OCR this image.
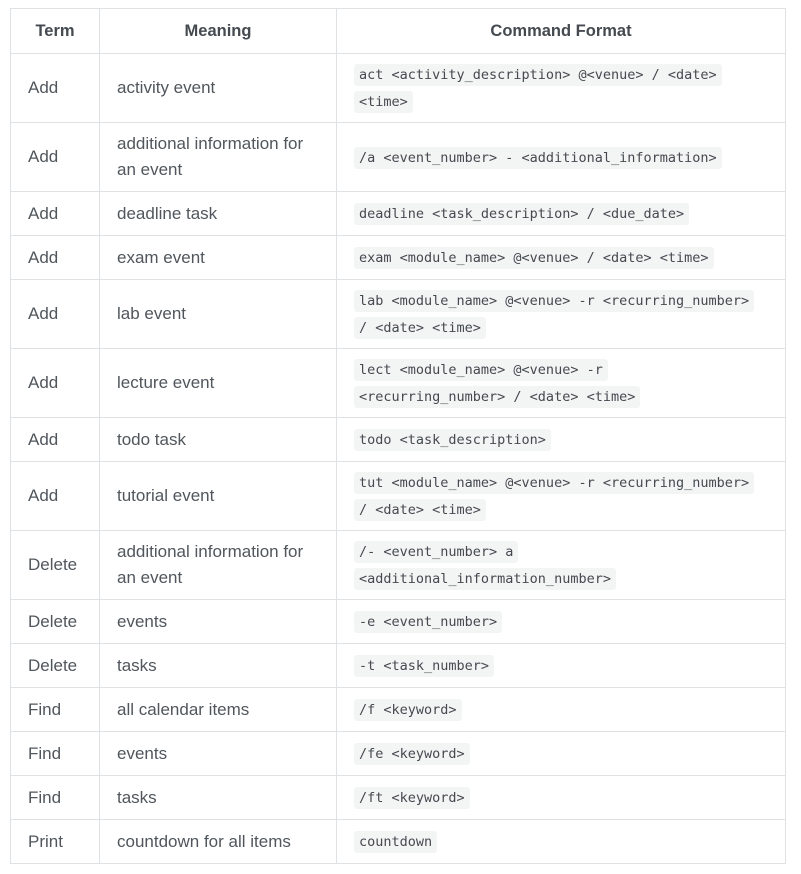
Term	Meaning	Command Format
Add	activity event	act <activity_description> @<venue> / <date> <time>
Add	additional information for an event	/a <event_number> - <additional_information>
Add	deadline task	deadline <task_description> / <due_date>
Add	exam event	exam <module_name> @<venue> / <date> <time>
Add	lab event	lab <module_name> @<venue> -r <recurring_number> / <date> <time>
Add	lecture event	lect <module_name> @<venue> -r <recurring_number> / <date> <time>
Add	todo task	todo <task_description>
Add	tutorial event	tut <module_name> @<venue> -r <recurring_number> / <date> <time>
Delete	additional information for an event	/- <event_number> a <additional_information_number>
Delete	events	-e <event_number>
Delete	tasks	-t <task_number>
Find	all calendar items	/f <keyword>
Find	events	/fe <keyword>
Find	tasks	/ft <keyword>
Print	countdown for all items	countdown
